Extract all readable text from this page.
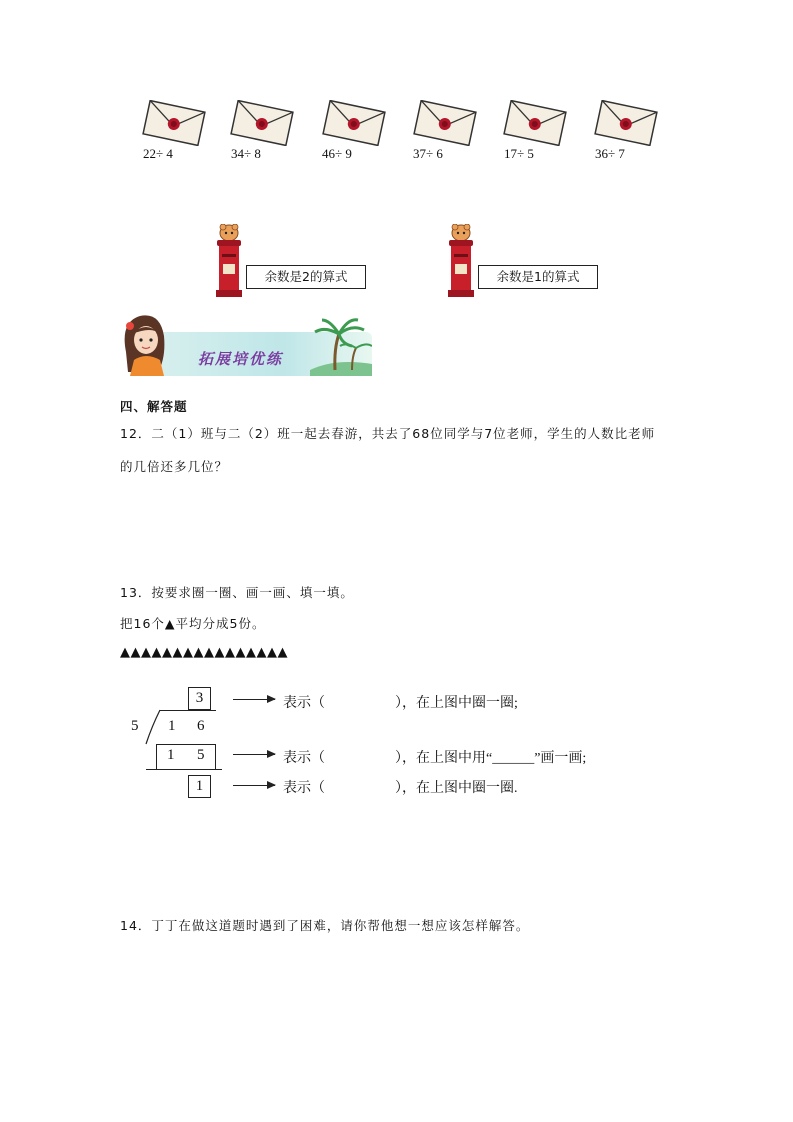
22÷ 4	34÷ 8	46÷ 9	37÷ 6	17÷ 5	36÷ 7
余数是2的算式	余数是1的算式
拓展培优练
四、解答题
12．二（1）班与二（2）班一起去春游，共去了68位同学与7位老师，学生的人数比老师
的几倍还多几位？
13．按要求圈一圈、画一画、填一填。
把16个▲平均分成5份。
▲▲▲▲▲▲▲▲▲▲▲▲▲▲▲▲
3
5 1 6
1 5
1
表示（　　　　　），在上图中圈一圈;
表示（　　　　　），在上图中用“______”画一画;
表示（　　　　　），在上图中圈一圈.
14．丁丁在做这道题时遇到了困难，请你帮他想一想应该怎样解答。
